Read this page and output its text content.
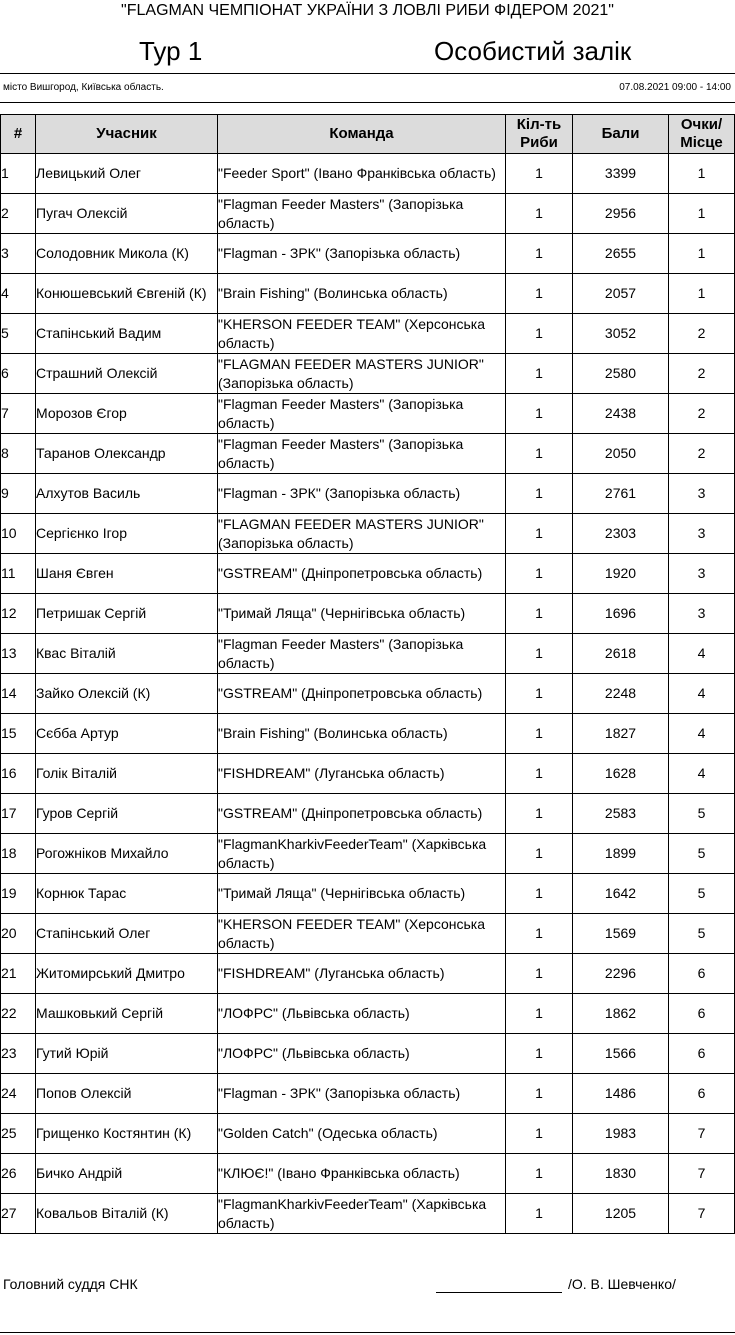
"FLAGMAN ЧЕМПІОНАТ УКРАЇНИ З ЛОВЛІ РИБИ ФІДЕРОМ 2021"
Тур 1	Особистий залік
місто Вишгород, Київська область.	07.08.2021 09:00 - 14:00
#	Учасник	Команда	Кіл-ть Риби	Бали	Очки/ Місце
1	Левицький Олег	"Feeder Sport" (Івано Франківська область)	1	3399	1
2	Пугач Олексій	"Flagman Feeder Masters" (Запорізька область)	1	2956	1
3	Солодовник Микола (К)	"Flagman - ЗРК" (Запорізька область)	1	2655	1
4	Конюшевський Євгеній (К)	"Brain Fishing" (Волинська область)	1	2057	1
5	Стапінський Вадим	"KHERSON FEEDER TEAM" (Херсонська область)	1	3052	2
6	Страшний Олексій	"FLAGMAN FEEDER MASTERS JUNIOR" (Запорізька область)	1	2580	2
7	Морозов Єгор	"Flagman Feeder Masters" (Запорізька область)	1	2438	2
8	Таранов Олександр	"Flagman Feeder Masters" (Запорізька область)	1	2050	2
9	Алхутов Василь	"Flagman - ЗРК" (Запорізька область)	1	2761	3
10	Сергієнко Ігор	"FLAGMAN FEEDER MASTERS JUNIOR" (Запорізька область)	1	2303	3
11	Шаня Євген	"GSTREAM" (Дніпропетровська область)	1	1920	3
12	Петришак Сергій	"Тримай Ляща" (Чернігівська область)	1	1696	3
13	Квас Віталій	"Flagman Feeder Masters" (Запорізька область)	1	2618	4
14	Зайко Олексій (К)	"GSTREAM" (Дніпропетровська область)	1	2248	4
15	Сєбба Артур	"Brain Fishing" (Волинська область)	1	1827	4
16	Голік Віталій	"FISHDREAM" (Луганська область)	1	1628	4
17	Гуров Сергій	"GSTREAM" (Дніпропетровська область)	1	2583	5
18	Рогожніков Михайло	"FlagmanKharkivFeederTeam" (Харківська область)	1	1899	5
19	Корнюк Тарас	"Тримай Ляща" (Чернігівська область)	1	1642	5
20	Стапінський Олег	"KHERSON FEEDER TEAM" (Херсонська область)	1	1569	5
21	Житомирський Дмитро	"FISHDREAM" (Луганська область)	1	2296	6
22	Машковький Сергій	"ЛОФРС" (Львівська область)	1	1862	6
23	Гутий Юрій	"ЛОФРС" (Львівська область)	1	1566	6
24	Попов Олексій	"Flagman - ЗРК" (Запорізька область)	1	1486	6
25	Грищенко Костянтин (К)	"Golden Catch" (Одеська область)	1	1983	7
26	Бичко Андрій	"КЛЮЄ!" (Івано Франківська область)	1	1830	7
27	Ковальов Віталій (К)	"FlagmanKharkivFeederTeam" (Харківська область)	1	1205	7
Головний суддя СНК	/О. В. Шевченко/
